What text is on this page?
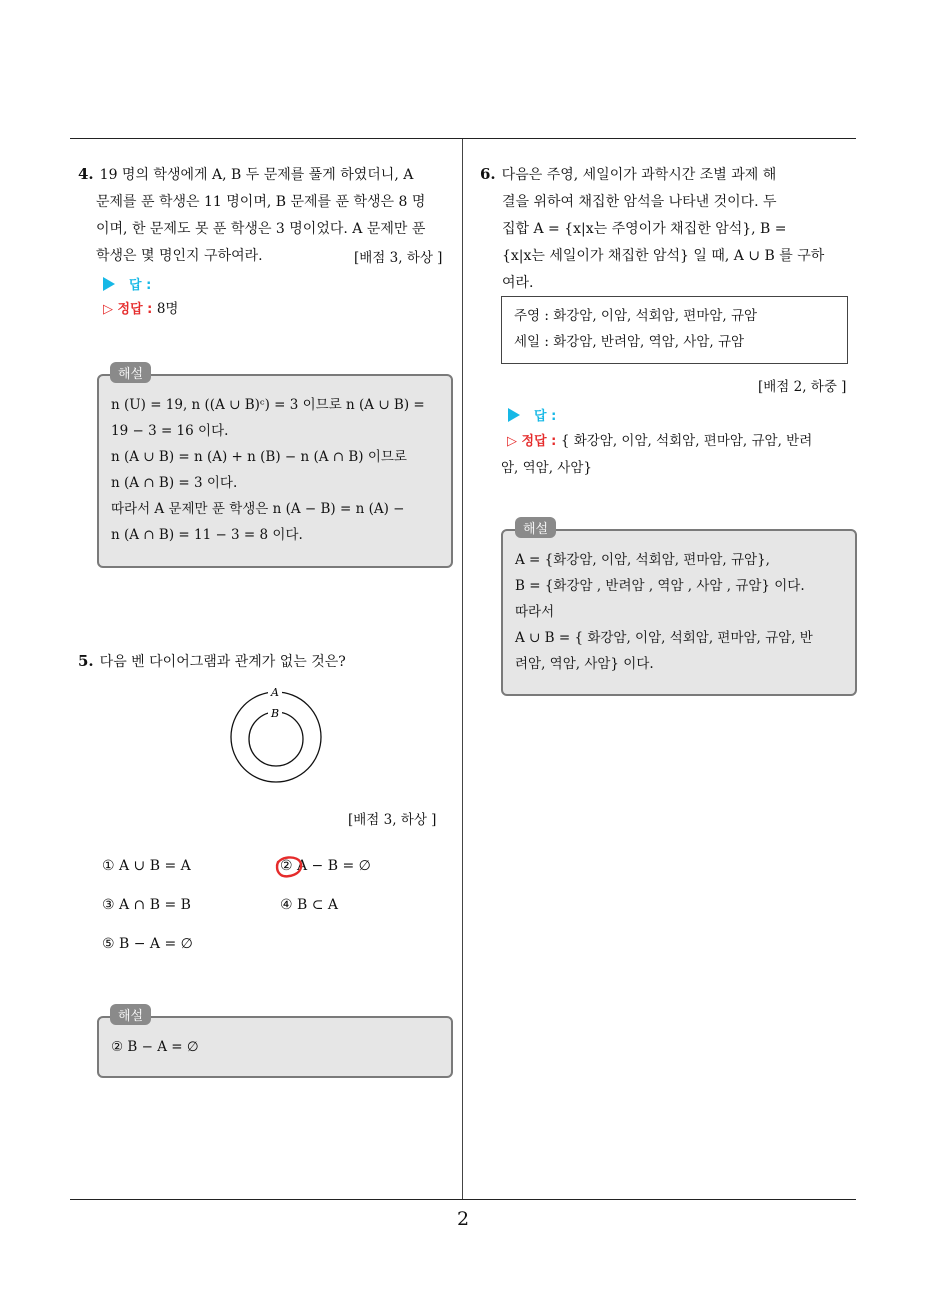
2
4. 19 명의 학생에게 A, B 두 문제를 풀게 하였더니, A
문제를 푼 학생은 11 명이며, B 문제를 푼 학생은 8 명
이며, 한 문제도 못 푼 학생은 3 명이었다. A 문제만 푼
학생은 몇 명인지 구하여라.	[배점 3, 하상 ]
답 :
▷ 정답 : 8명
n (U) = 19, n ((A ∪ B)ᶜ) = 3 이므로 n (A ∪ B) =
19 − 3 = 16 이다.
n (A ∪ B) = n (A) + n (B) − n (A ∩ B) 이므로
n (A ∩ B) = 3 이다.
따라서 A 문제만 푼 학생은 n (A − B) = n (A) −
n (A ∩ B) = 11 − 3 = 8 이다.
해설
5. 다음 벤 다이어그램과 관계가 없는 것은?
A
B
[배점 3, 하상 ]
① A ∪ B = A	② A − B = ∅
③ A ∩ B = B	④ B ⊂ A
⑤ B − A = ∅
② B − A = ∅
해설
6. 다음은 주영, 세일이가 과학시간 조별 과제 해
결을 위하여 채집한 암석을 나타낸 것이다. 두
집합 A = {x|x는 주영이가 채집한 암석}, B =
{x|x는 세일이가 채집한 암석} 일 때, A ∪ B 를 구하
여라.
주영 : 화강암, 이암, 석회암, 편마암, 규암
세일 : 화강암, 반려암, 역암, 사암, 규암
[배점 2, 하중 ]
답 :
▷ 정답 : { 화강암, 이암, 석회암, 편마암, 규암, 반려
암, 역암, 사암}
A = {화강암, 이암, 석회암, 편마암, 규암},
B = {화강암 , 반려암 , 역암 , 사암 , 규암} 이다.
따라서
A ∪ B = { 화강암, 이암, 석회암, 편마암, 규암, 반
려암, 역암, 사암} 이다.
해설
